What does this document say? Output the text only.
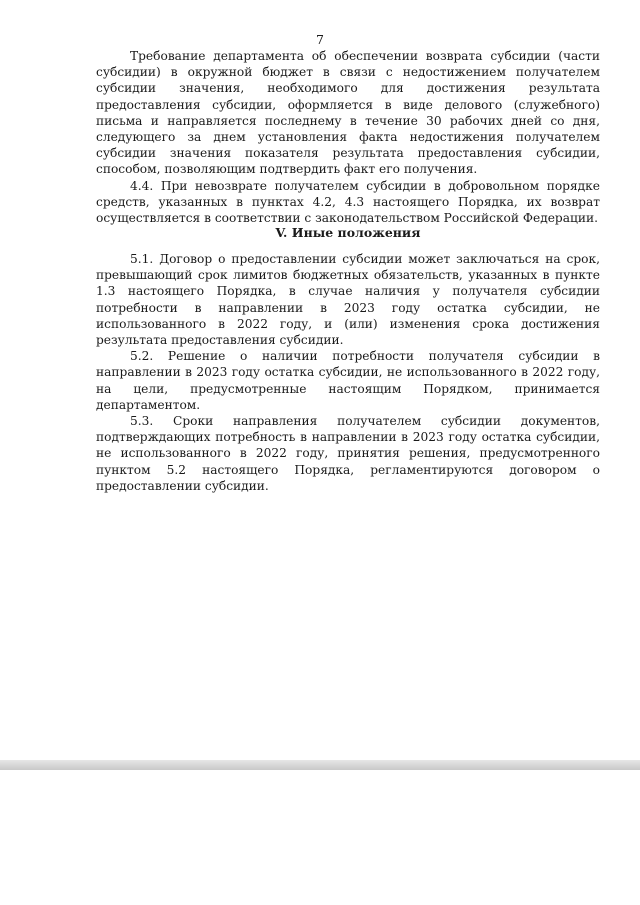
7

Требование департамента об обеспечении возврата субсидии (части субсидии) в окружной бюджет в связи с недостижением получателем субсидии значения, необходимого для достижения результата предоставления субсидии, оформляется в виде делового (служебного) письма и направляется последнему в течение 30 рабочих дней со дня, следующего за днем установления факта недостижения получателем субсидии значения показателя результата предоставления субсидии, способом, позволяющим подтвердить факт его получения.

4.4. При невозврате получателем субсидии в добровольном порядке средств, указанных в пунктах 4.2, 4.3 настоящего Порядка, их возврат осуществляется в соответствии с законодательством Российской Федерации.

V. Иные положения

5.1. Договор о предоставлении субсидии может заключаться на срок, превышающий срок лимитов бюджетных обязательств, указанных в пункте 1.3 настоящего Порядка, в случае наличия у получателя субсидии потребности в направлении в 2023 году остатка субсидии, не использованного в 2022 году, и (или) изменения срока достижения результата предоставления субсидии.

5.2. Решение о наличии потребности получателя субсидии в направлении в 2023 году остатка субсидии, не использованного в 2022 году, на цели, предусмотренные настоящим Порядком, принимается департаментом.

5.3. Сроки направления получателем субсидии документов, подтверждающих потребность в направлении в 2023 году остатка субсидии, не использованного в 2022 году, принятия решения, предусмотренного пунктом 5.2 настоящего Порядка, регламентируются договором о предоставлении субсидии.
